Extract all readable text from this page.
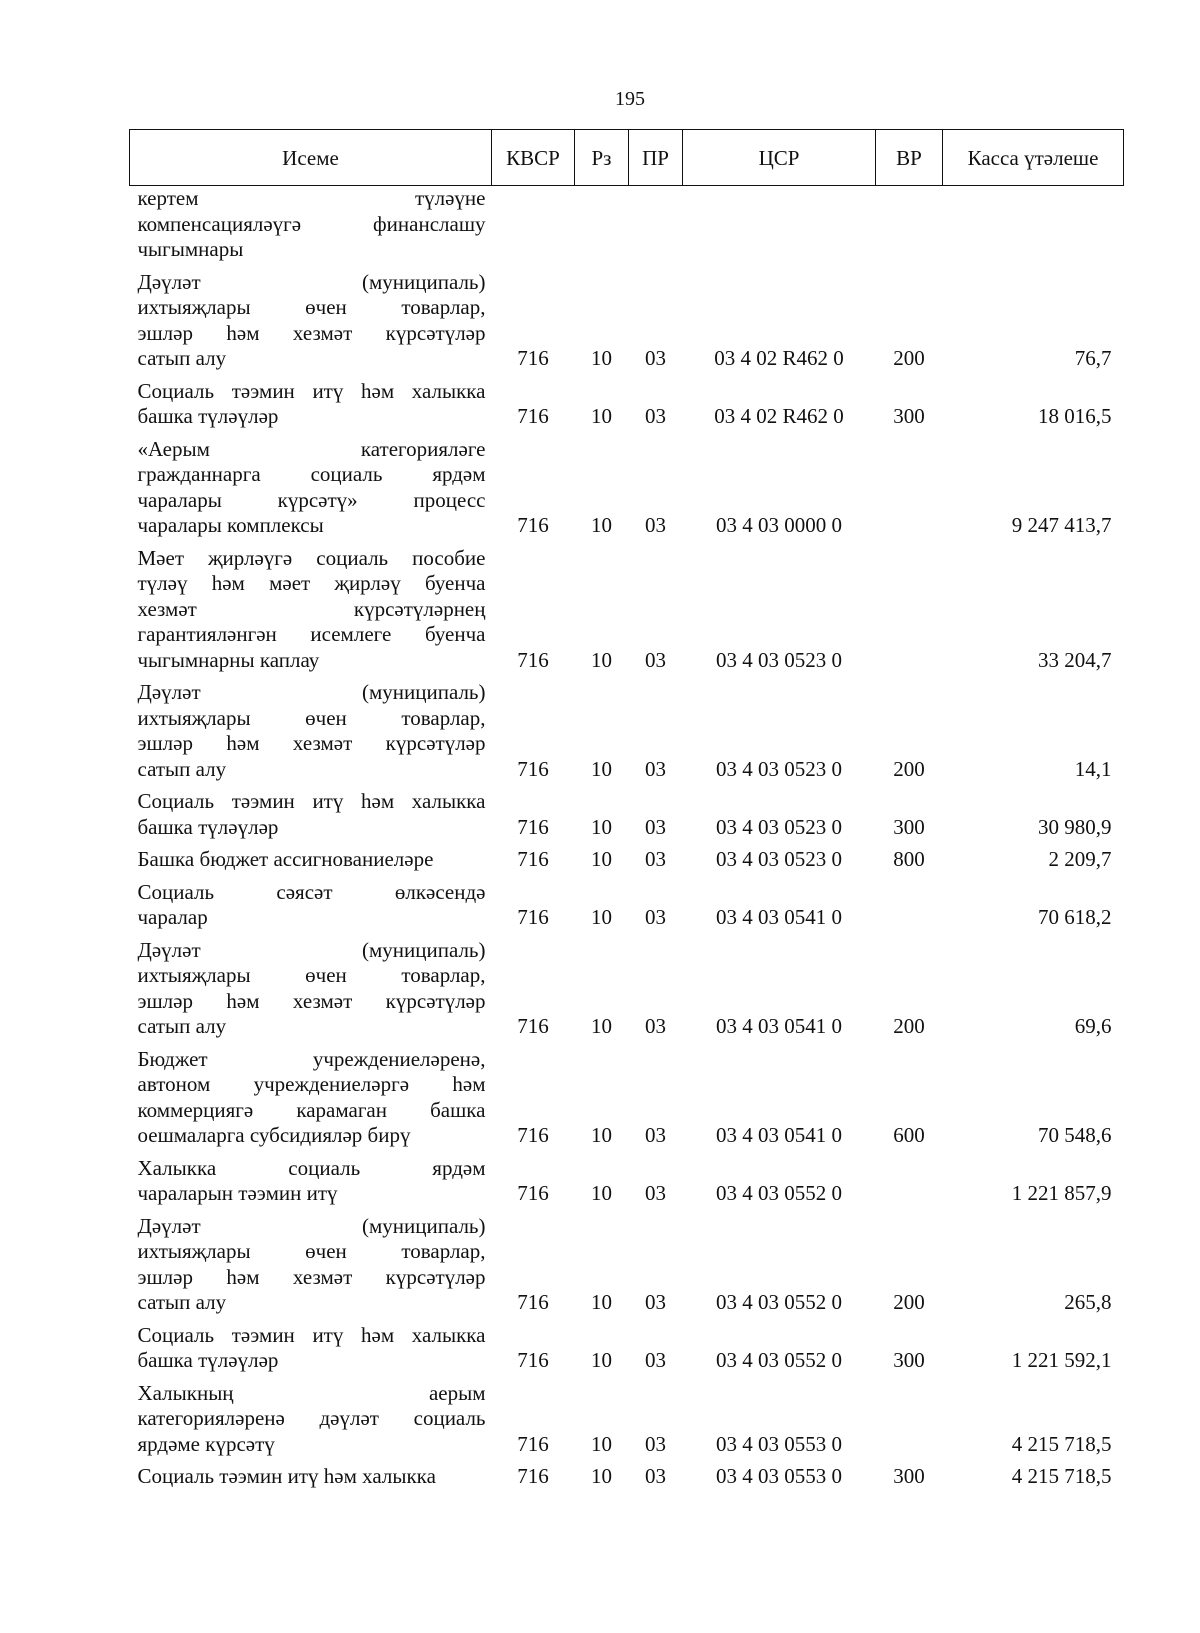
195
Исеме	КВСР	Рз	ПР	ЦСР	ВР	Касса үтәлеше

кертем түләүне
компенсацияләүгә финанслашу
чыгымнары						

Дәүләт (муниципаль)
ихтыяҗлары өчен товарлар,
эшләр һәм хезмәт күрсәтүләр
сатып алу	716	10	03	03 4 02 R462 0	200	76,7

Социаль тәэмин итү һәм халыкка
башка түләүләр	716	10	03	03 4 02 R462 0	300	18 016,5

«Аерым категорияләге
гражданнарга социаль ярдәм
чаралары күрсәтү» процесс
чаралары комплексы	716	10	03	03 4 03 0000 0		9 247 413,7

Мәет җирләүгә социаль пособие
түләү һәм мәет җирләү буенча
хезмәт күрсәтүләрнең
гарантияләнгән исемлеге буенча
чыгымнарны каплау	716	10	03	03 4 03 0523 0		33 204,7

Дәүләт (муниципаль)
ихтыяҗлары өчен товарлар,
эшләр һәм хезмәт күрсәтүләр
сатып алу	716	10	03	03 4 03 0523 0	200	14,1

Социаль тәэмин итү һәм халыкка
башка түләүләр	716	10	03	03 4 03 0523 0	300	30 980,9

Башка бюджет ассигнованиеләре	716	10	03	03 4 03 0523 0	800	2 209,7

Социаль сәясәт өлкәсендә
чаралар	716	10	03	03 4 03 0541 0		70 618,2

Дәүләт (муниципаль)
ихтыяҗлары өчен товарлар,
эшләр һәм хезмәт күрсәтүләр
сатып алу	716	10	03	03 4 03 0541 0	200	69,6

Бюджет учреждениеләренә,
автоном учреждениеләргә һәм
коммерциягә карамаган башка
оешмаларга субсидияләр бирү	716	10	03	03 4 03 0541 0	600	70 548,6

Халыкка социаль ярдәм
чараларын тәэмин итү	716	10	03	03 4 03 0552 0		1 221 857,9

Дәүләт (муниципаль)
ихтыяҗлары өчен товарлар,
эшләр һәм хезмәт күрсәтүләр
сатып алу	716	10	03	03 4 03 0552 0	200	265,8

Социаль тәэмин итү һәм халыкка
башка түләүләр	716	10	03	03 4 03 0552 0	300	1 221 592,1

Халыкның аерым
категорияләренә дәүләт социаль
ярдәме күрсәтү	716	10	03	03 4 03 0553 0		4 215 718,5

Социаль тәэмин итү һәм халыкка	716	10	03	03 4 03 0553 0	300	4 215 718,5
